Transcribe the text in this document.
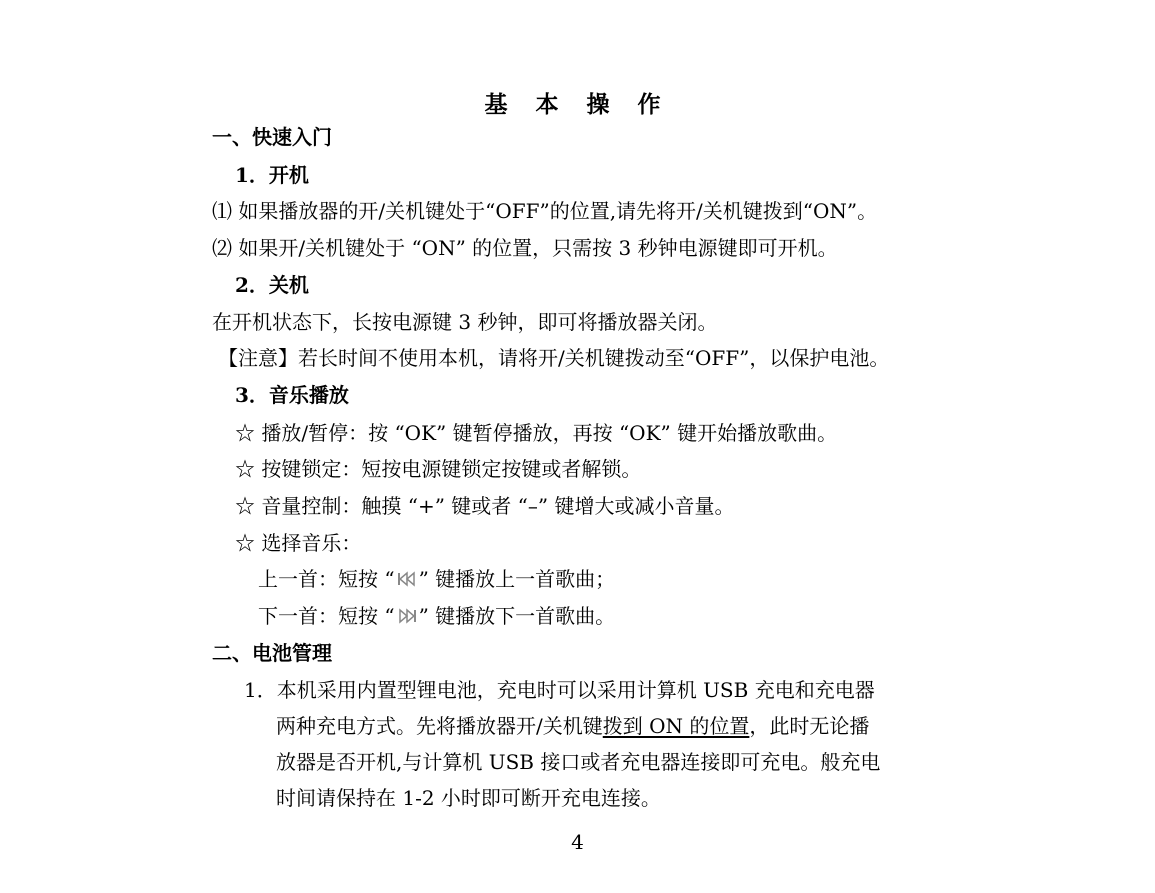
基 本 操 作
一、快速入门
1．开机
⑴ 如果播放器的开/关机键处于“OFF”的位置,请先将开/关机键拨到“ON”。
⑵ 如果开/关机键处于 “ON” 的位置，只需按 3 秒钟电源键即可开机。
2．关机
在开机状态下，长按电源键 3 秒钟，即可将播放器关闭。
【注意】若长时间不使用本机，请将开/关机键拨动至“OFF”，以保护电池。
3．音乐播放
☆ 播放/暂停：按 “OK” 键暂停播放，再按 “OK” 键开始播放歌曲。
☆ 按键锁定：短按电源键锁定按键或者解锁。
☆ 音量控制：触摸 “+” 键或者 “–” 键增大或减小音量。
☆ 选择音乐：
上一首：短按 “ ” 键播放上一首歌曲；
下一首：短按 “ ” 键播放下一首歌曲。
二、电池管理
1．本机采用内置型锂电池，充电时可以采用计算机 USB 充电和充电器
两种充电方式。先将播放器开/关机键拨到 ON 的位置，此时无论播
放器是否开机,与计算机 USB 接口或者充电器连接即可充电。般充电
时间请保持在 1-2 小时即可断开充电连接。
4
